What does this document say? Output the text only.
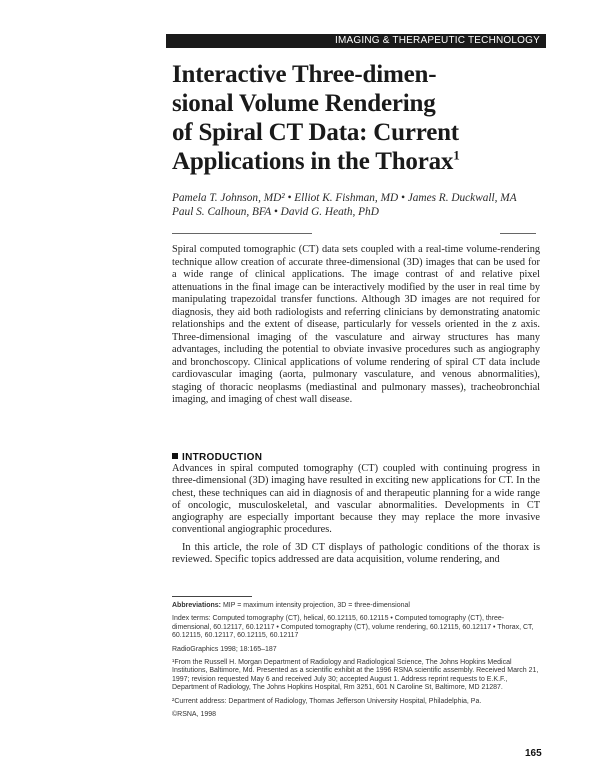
IMAGING & THERAPEUTIC TECHNOLOGY
Interactive Three-dimen-
sional Volume Rendering
of Spiral CT Data: Current
Applications in the Thorax$^1$
Pamela T. Johnson, MD² • Elliot K. Fishman, MD • James R. Duckwall, MA
Paul S. Calhoun, BFA • David G. Heath, PhD
Spiral computed tomographic (CT) data sets coupled with a real-time volume-rendering technique allow creation of accurate three-dimensional (3D) images that can be used for a wide range of clinical applications. The image contrast of and relative pixel attenuations in the final image can be interactively modified by the user in real time by manipulating trapezoidal transfer functions. Although 3D images are not required for diagnosis, they aid both radiologists and referring clinicians by demonstrating anatomic relationships and the extent of disease, particularly for vessels oriented in the z axis. Three-dimensional imaging of the vasculature and airway structures has many advantages, including the potential to obviate invasive procedures such as angiography and bronchoscopy. Clinical applications of volume rendering of spiral CT data include cardiovascular imaging (aorta, pulmonary vasculature, and venous abnormalities), staging of thoracic neoplasms (mediastinal and pulmonary masses), tracheobronchial imaging, and imaging of chest wall disease.
INTRODUCTION

Advances in spiral computed tomography (CT) coupled with continuing progress in three-dimensional (3D) imaging have resulted in exciting new applications for CT. In the chest, these techniques can aid in diagnosis of and therapeutic planning for a wide range of oncologic, musculoskeletal, and vascular abnormalities. Developments in CT angiography are especially important because they may replace the more invasive conventional angiographic procedures.

In this article, the role of 3D CT displays of pathologic conditions of the thorax is reviewed. Specific topics addressed are data acquisition, volume rendering, and

Abbreviations: MIP = maximum intensity projection, 3D = three-dimensional

Index terms: Computed tomography (CT), helical, 60.12115, 60.12115 • Computed tomography (CT), three-dimensional, 60.12117, 60.12117 • Computed tomography (CT), volume rendering, 60.12115, 60.12117 • Thorax, CT, 60.12115, 60.12117, 60.12115, 60.12117

RadioGraphics 1998; 18:165–187

¹From the Russell H. Morgan Department of Radiology and Radiological Science, The Johns Hopkins Medical Institutions, Baltimore, Md. Presented as a scientific exhibit at the 1996 RSNA scientific assembly. Received March 21, 1997; revision requested May 6 and received July 30; accepted August 1. Address reprint requests to E.K.F., Department of Radiology, The Johns Hopkins Hospital, Rm 3251, 601 N Caroline St, Baltimore, MD 21287.

²Current address: Department of Radiology, Thomas Jefferson University Hospital, Philadelphia, Pa.

©RSNA, 1998

165
